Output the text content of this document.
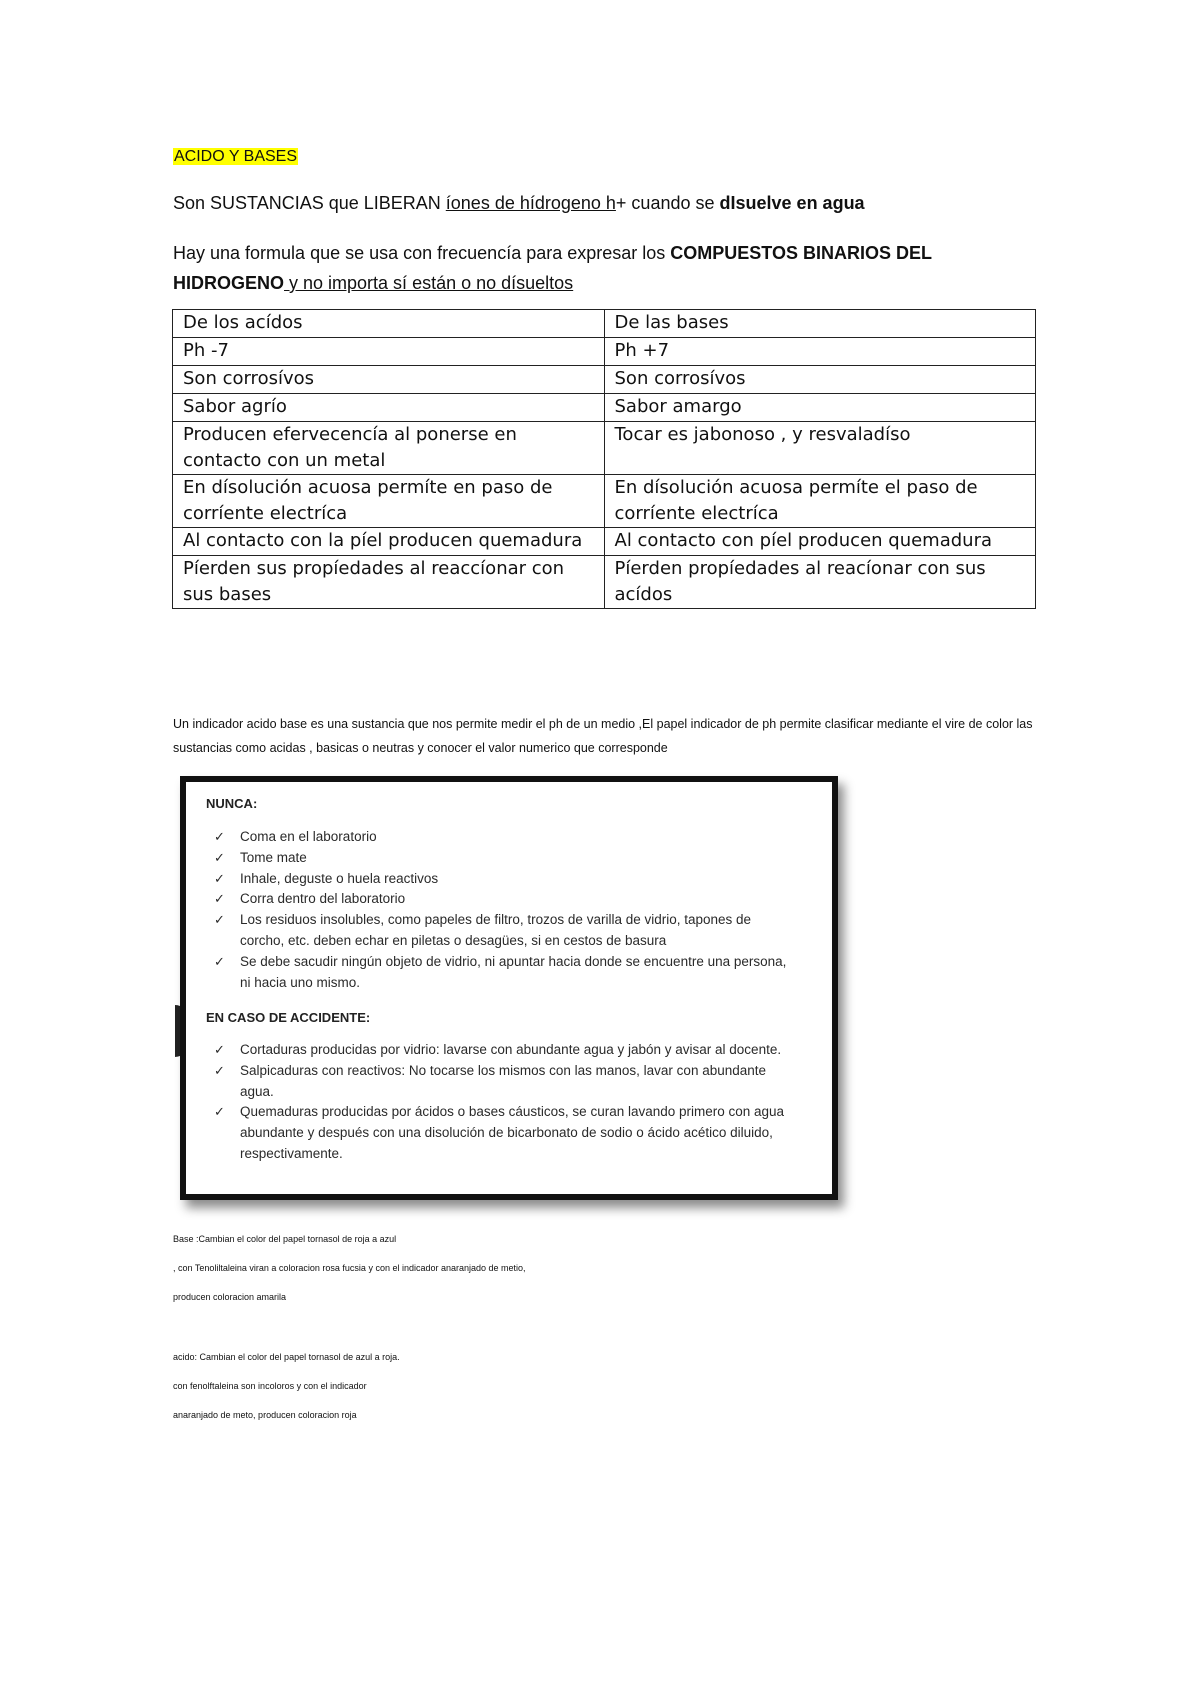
ACIDO Y BASES
Son SUSTANCIAS que LIBERAN íones de hídrogeno h+ cuando se dIsuelve en agua
Hay una formula que se usa con frecuencía para expresar los COMPUESTOS BINARIOS DEL HIDROGENO y no importa sí están o no dísueltos
De los acídos	De las bases
Ph -7	Ph +7
Son corrosívos	Son corrosívos
Sabor agrío	Sabor amargo
Producen efervecencía al ponerse en contacto con un metal	Tocar es jabonoso , y resvaladíso
En dísolución acuosa permíte en paso de corríente electríca	En dísolución acuosa permíte el paso de corríente electríca
Al contacto con la píel producen quemadura	Al contacto con píel producen quemadura
Píerden sus propíedades al reaccíonar con sus bases	Píerden propíedades al reacíonar con sus acídos
Un indicador acido base es una sustancia que nos permite medir el ph de un medio ,El papel indicador de ph permite clasificar mediante el vire de color las sustancias como acidas , basicas o neutras y conocer el valor numerico que corresponde
NUNCA:
✓ Coma en el laboratorio
✓ Tome mate
✓ Inhale, deguste o huela reactivos
✓ Corra dentro del laboratorio
✓ Los residuos insolubles, como papeles de filtro, trozos de varilla de vidrio, tapones de corcho, etc. deben echar en piletas o desagües, si en cestos de basura
✓ Se debe sacudir ningún objeto de vidrio, ni apuntar hacia donde se encuentre una persona, ni hacia uno mismo.
EN CASO DE ACCIDENTE:
✓ Cortaduras producidas por vidrio: lavarse con abundante agua y jabón y avisar al docente.
✓ Salpicaduras con reactivos: No tocarse los mismos con las manos, lavar con abundante agua.
✓ Quemaduras producidas por ácidos o bases cáusticos, se curan lavando primero con agua abundante y después con una disolución de bicarbonato de sodio o ácido acético diluido, respectivamente.
Base :Cambian el color del papel tornasol de roja a azul
, con Tenoliltaleina viran a coloracion rosa fucsia y con el indicador anaranjado de metio,
producen coloracion amarila
acido: Cambian el color del papel tornasol de azul a roja.
con fenolftaleina son incoloros y con el indicador
anaranjado de meto, producen coloracion roja
